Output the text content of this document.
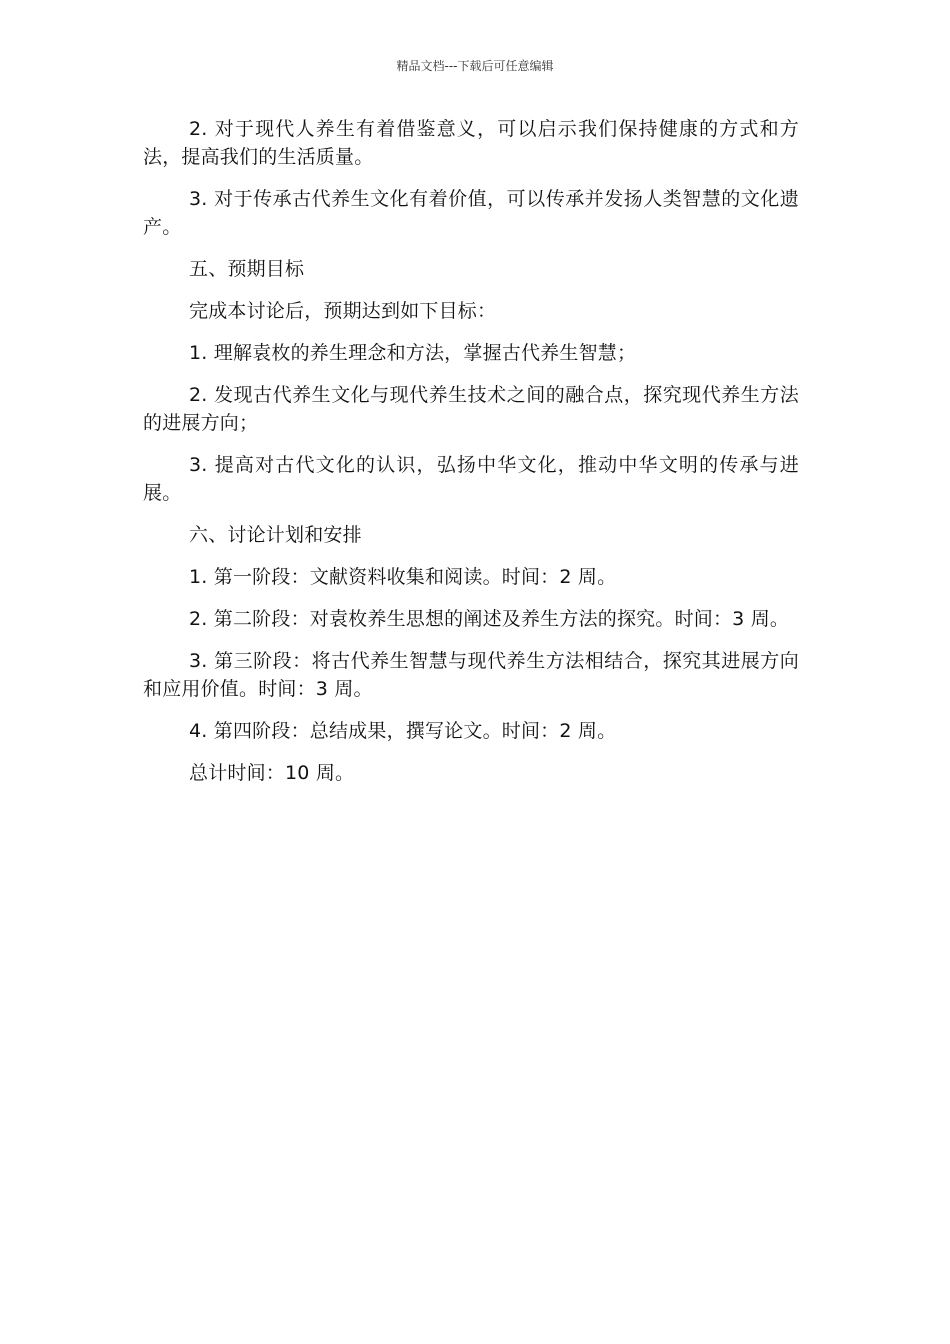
精品文档---下载后可任意编辑

2. 对于现代人养生有着借鉴意义，可以启示我们保持健康的方式和方法，提高我们的生活质量。

3. 对于传承古代养生文化有着价值，可以传承并发扬人类智慧的文化遗产。

五、预期目标

完成本讨论后，预期达到如下目标：

1. 理解袁枚的养生理念和方法，掌握古代养生智慧；

2. 发现古代养生文化与现代养生技术之间的融合点，探究现代养生方法的进展方向；

3. 提高对古代文化的认识，弘扬中华文化，推动中华文明的传承与进展。

六、讨论计划和安排

1. 第一阶段：文献资料收集和阅读。时间：2 周。

2. 第二阶段：对袁枚养生思想的阐述及养生方法的探究。时间：3 周。

3. 第三阶段：将古代养生智慧与现代养生方法相结合，探究其进展方向和应用价值。时间：3 周。

4. 第四阶段：总结成果，撰写论文。时间：2 周。

总计时间：10 周。
